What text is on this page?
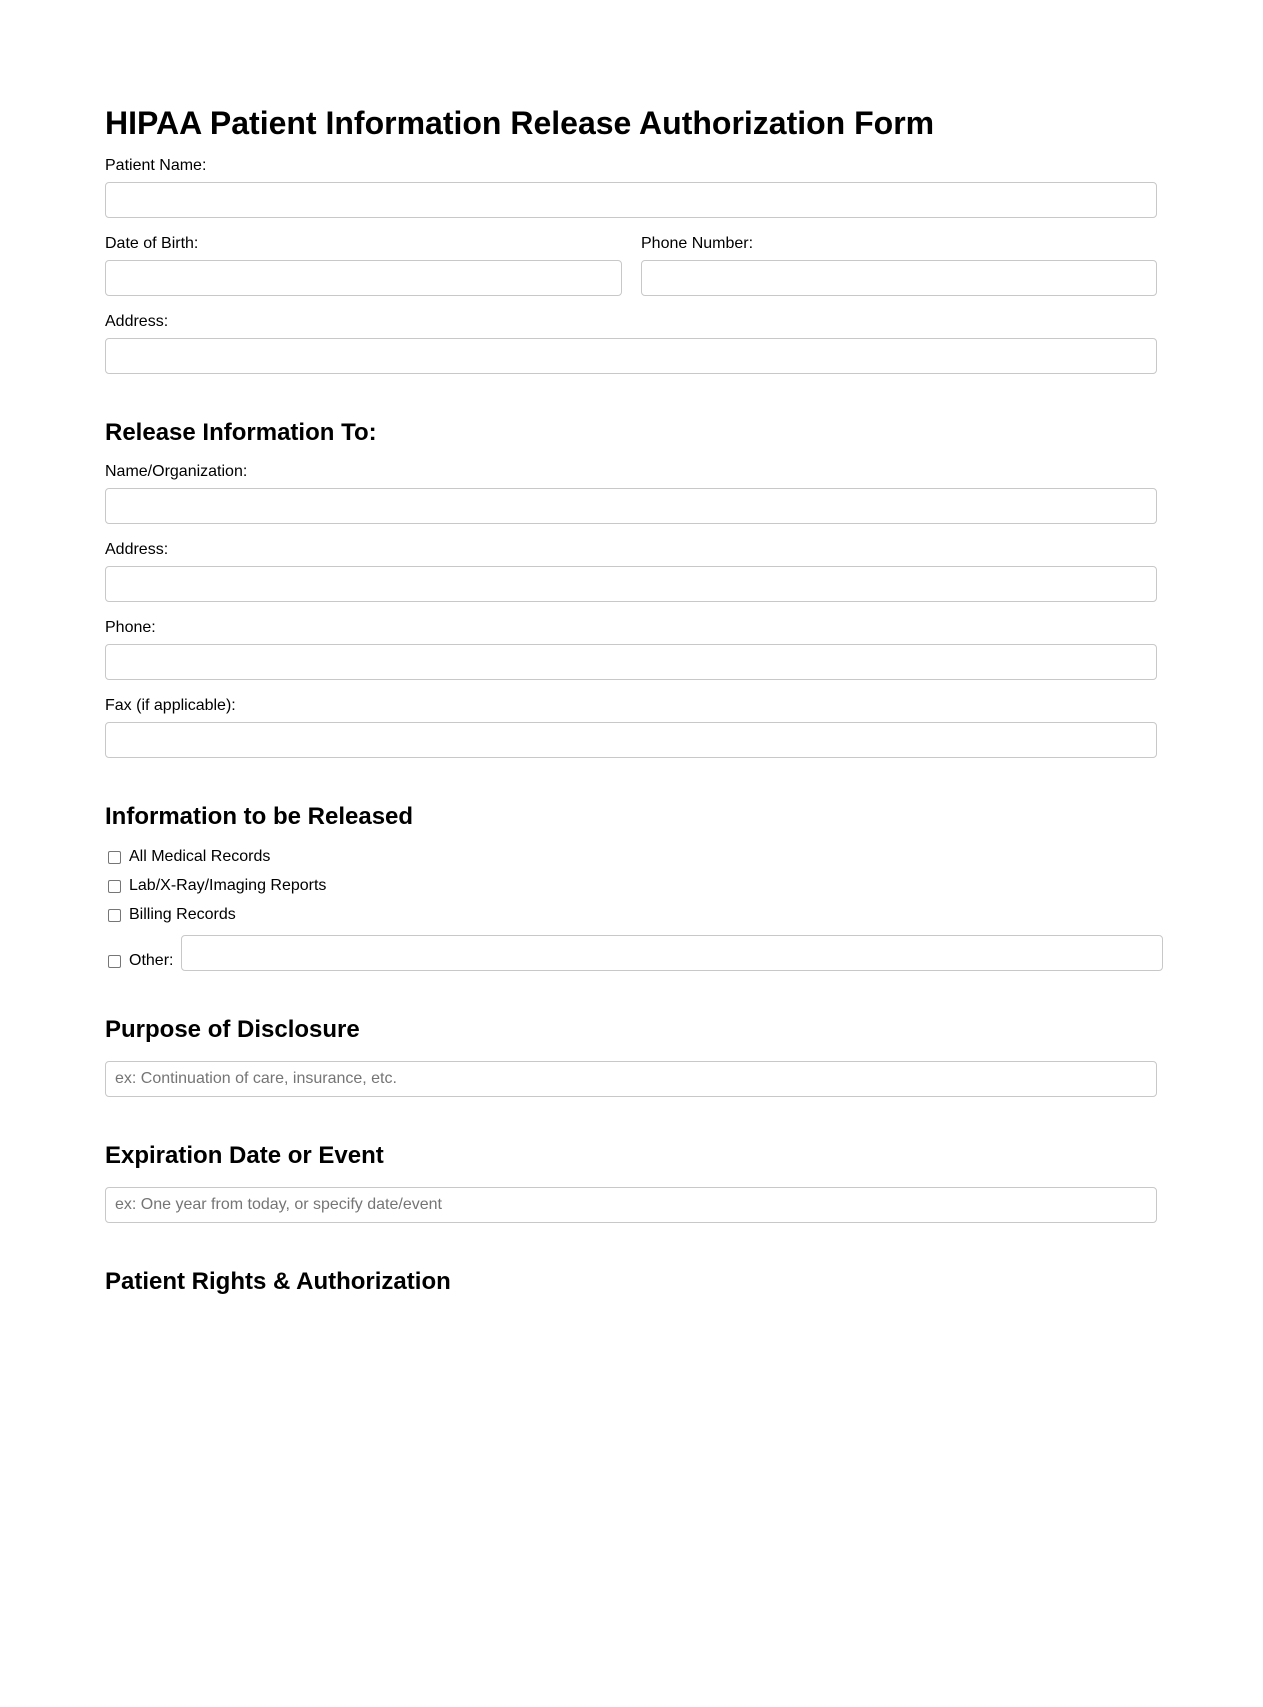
HIPAA Patient Information Release Authorization Form
Patient Name:
Date of Birth:	Phone Number:
Address:
Release Information To:
Name/Organization:
Address:
Phone:
Fax (if applicable):
Information to be Released
All Medical Records
Lab/X-Ray/Imaging Reports
Billing Records
Other:
Purpose of Disclosure
ex: Continuation of care, insurance, etc.
Expiration Date or Event
ex: One year from today, or specify date/event
Patient Rights & Authorization
